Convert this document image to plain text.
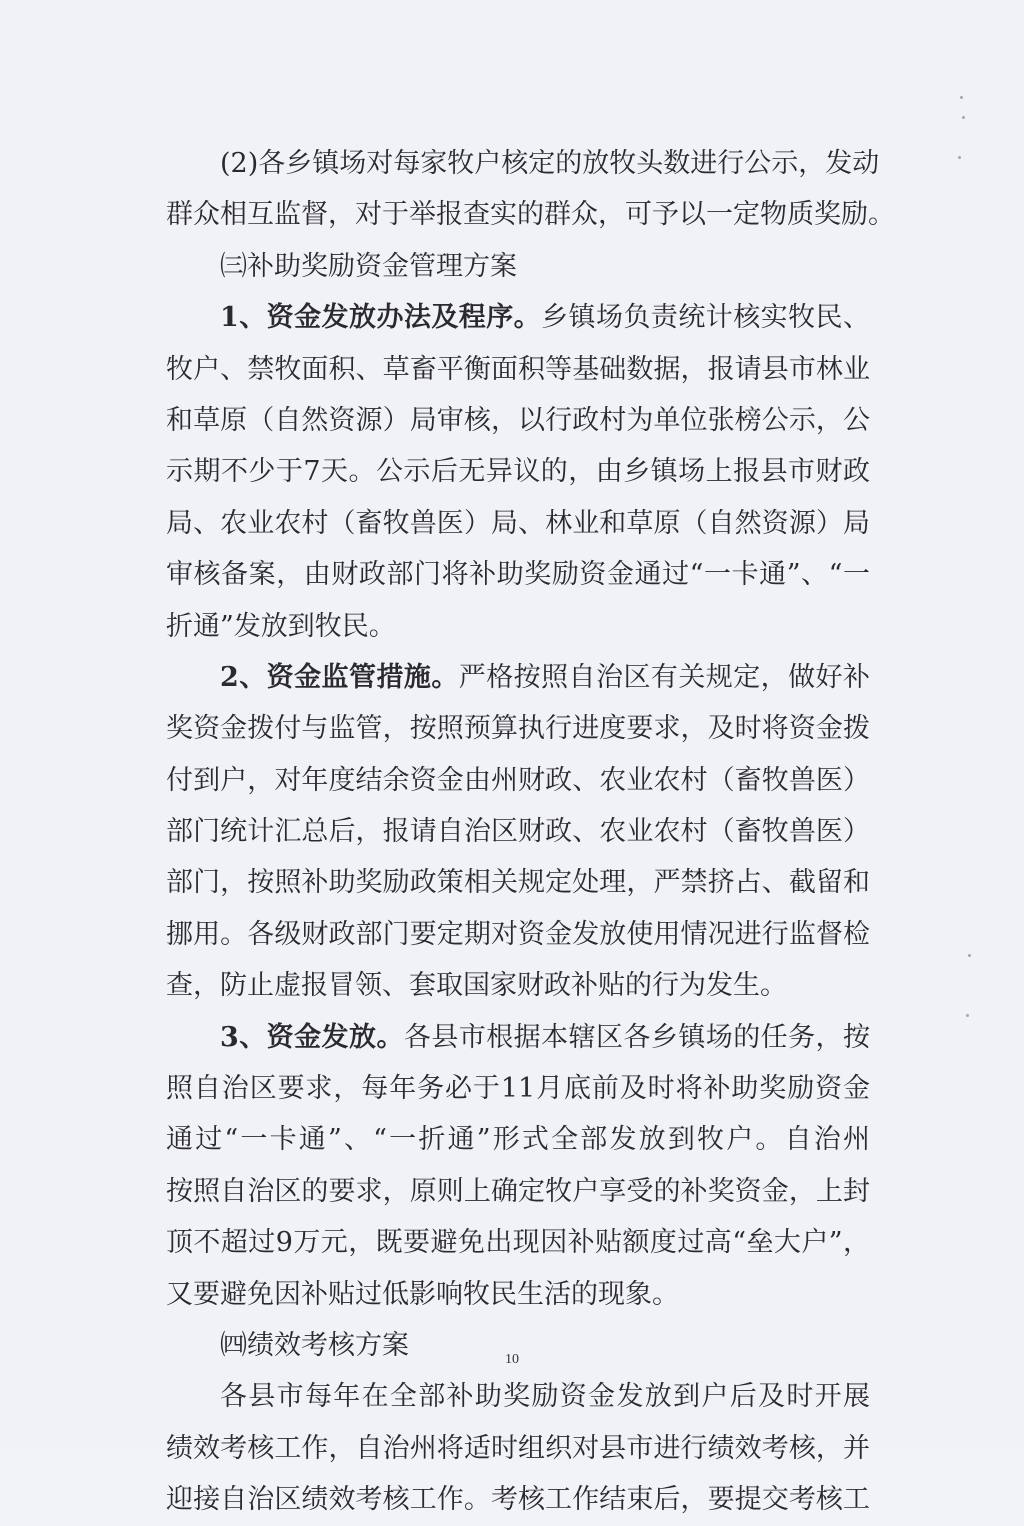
(2)各乡镇场对每家牧户核定的放牧头数进行公示，发动
群众相互监督，对于举报查实的群众，可予以一定物质奖励。
㈢补助奖励资金管理方案
1、资金发放办法及程序。乡镇场负责统计核实牧民、
牧户、禁牧面积、草畜平衡面积等基础数据，报请县市林业
和草原（自然资源）局审核，以行政村为单位张榜公示，公
示期不少于7天。公示后无异议的，由乡镇场上报县市财政
局、农业农村（畜牧兽医）局、林业和草原（自然资源）局
审核备案，由财政部门将补助奖励资金通过“一卡通”、“一
折通”发放到牧民。
2、资金监管措施。严格按照自治区有关规定，做好补
奖资金拨付与监管，按照预算执行进度要求，及时将资金拨
付到户，对年度结余资金由州财政、农业农村（畜牧兽医）
部门统计汇总后，报请自治区财政、农业农村（畜牧兽医）
部门，按照补助奖励政策相关规定处理，严禁挤占、截留和
挪用。各级财政部门要定期对资金发放使用情况进行监督检
查，防止虚报冒领、套取国家财政补贴的行为发生。
3、资金发放。各县市根据本辖区各乡镇场的任务，按
照自治区要求，每年务必于11月底前及时将补助奖励资金
通过“一卡通”、“一折通”形式全部发放到牧户。自治州
按照自治区的要求，原则上确定牧户享受的补奖资金，上封
顶不超过9万元，既要避免出现因补贴额度过高“垒大户”，
又要避免因补贴过低影响牧民生活的现象。
㈣绩效考核方案
各县市每年在全部补助奖励资金发放到户后及时开展
绩效考核工作，自治州将适时组织对县市进行绩效考核，并
迎接自治区绩效考核工作。考核工作结束后，要提交考核工
10
